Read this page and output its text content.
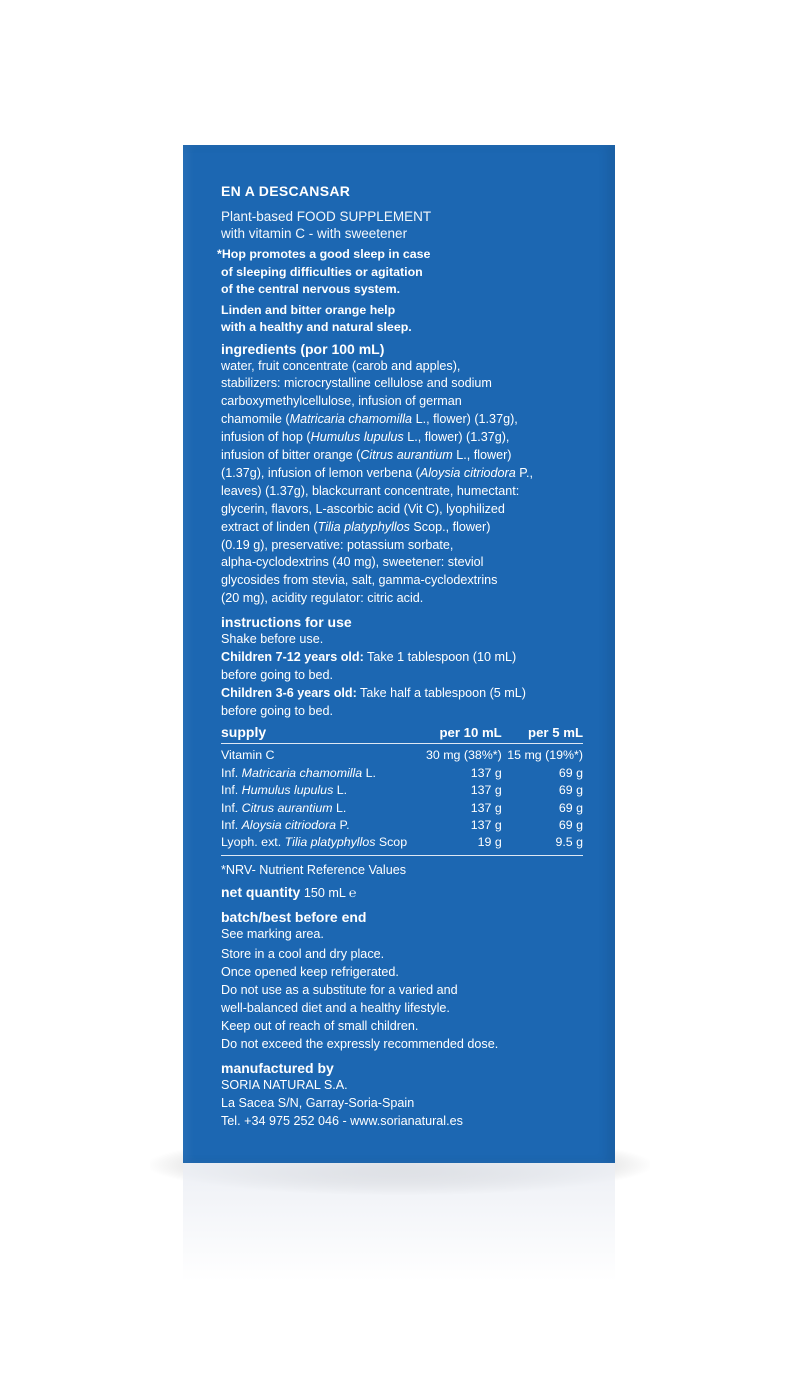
EN A DESCANSAR
Plant-based FOOD SUPPLEMENT
with vitamin C - with sweetener
*Hop promotes a good sleep in case
of sleeping difficulties or agitation
of the central nervous system.
Linden and bitter orange help
with a healthy and natural sleep.
ingredients (por 100 mL)
water, fruit concentrate (carob and apples),
stabilizers: microcrystalline cellulose and sodium
carboxymethylcellulose, infusion of german
chamomile (Matricaria chamomilla L., flower) (1.37g),
infusion of hop (Humulus lupulus L., flower) (1.37g),
infusion of bitter orange (Citrus aurantium L., flower)
(1.37g), infusion of lemon verbena (Aloysia citriodora P.,
leaves) (1.37g), blackcurrant concentrate, humectant:
glycerin, flavors, L-ascorbic acid (Vit C), lyophilized
extract of linden (Tilia platyphyllos Scop., flower)
(0.19 g), preservative: potassium sorbate,
alpha-cyclodextrins (40 mg), sweetener: steviol
glycosides from stevia, salt, gamma-cyclodextrins
(20 mg), acidity regulator: citric acid.
instructions for use
Shake before use.
Children 7-12 years old: Take 1 tablespoon (10 mL)
before going to bed.
Children 3-6 years old: Take half a tablespoon (5 mL)
before going to bed.
supply	per 10 mL	per 5 mL
Vitamin C	30 mg (38%*)	15 mg (19%*)
Inf. Matricaria chamomilla L.	137 g	69 g
Inf. Humulus lupulus L.	137 g	69 g
Inf. Citrus aurantium L.	137 g	69 g
Inf. Aloysia citriodora P.	137 g	69 g
Lyoph. ext. Tilia platyphyllos Scop	19 g	9.5 g
*NRV- Nutrient Reference Values
net quantity 150 mL ℮
batch/best before end
See marking area.
Store in a cool and dry place.
Once opened keep refrigerated.
Do not use as a substitute for a varied and
well-balanced diet and a healthy lifestyle.
Keep out of reach of small children.
Do not exceed the expressly recommended dose.
manufactured by
SORIA NATURAL S.A.
La Sacea S/N, Garray-Soria-Spain
Tel. +34 975 252 046 - www.sorianatural.es
